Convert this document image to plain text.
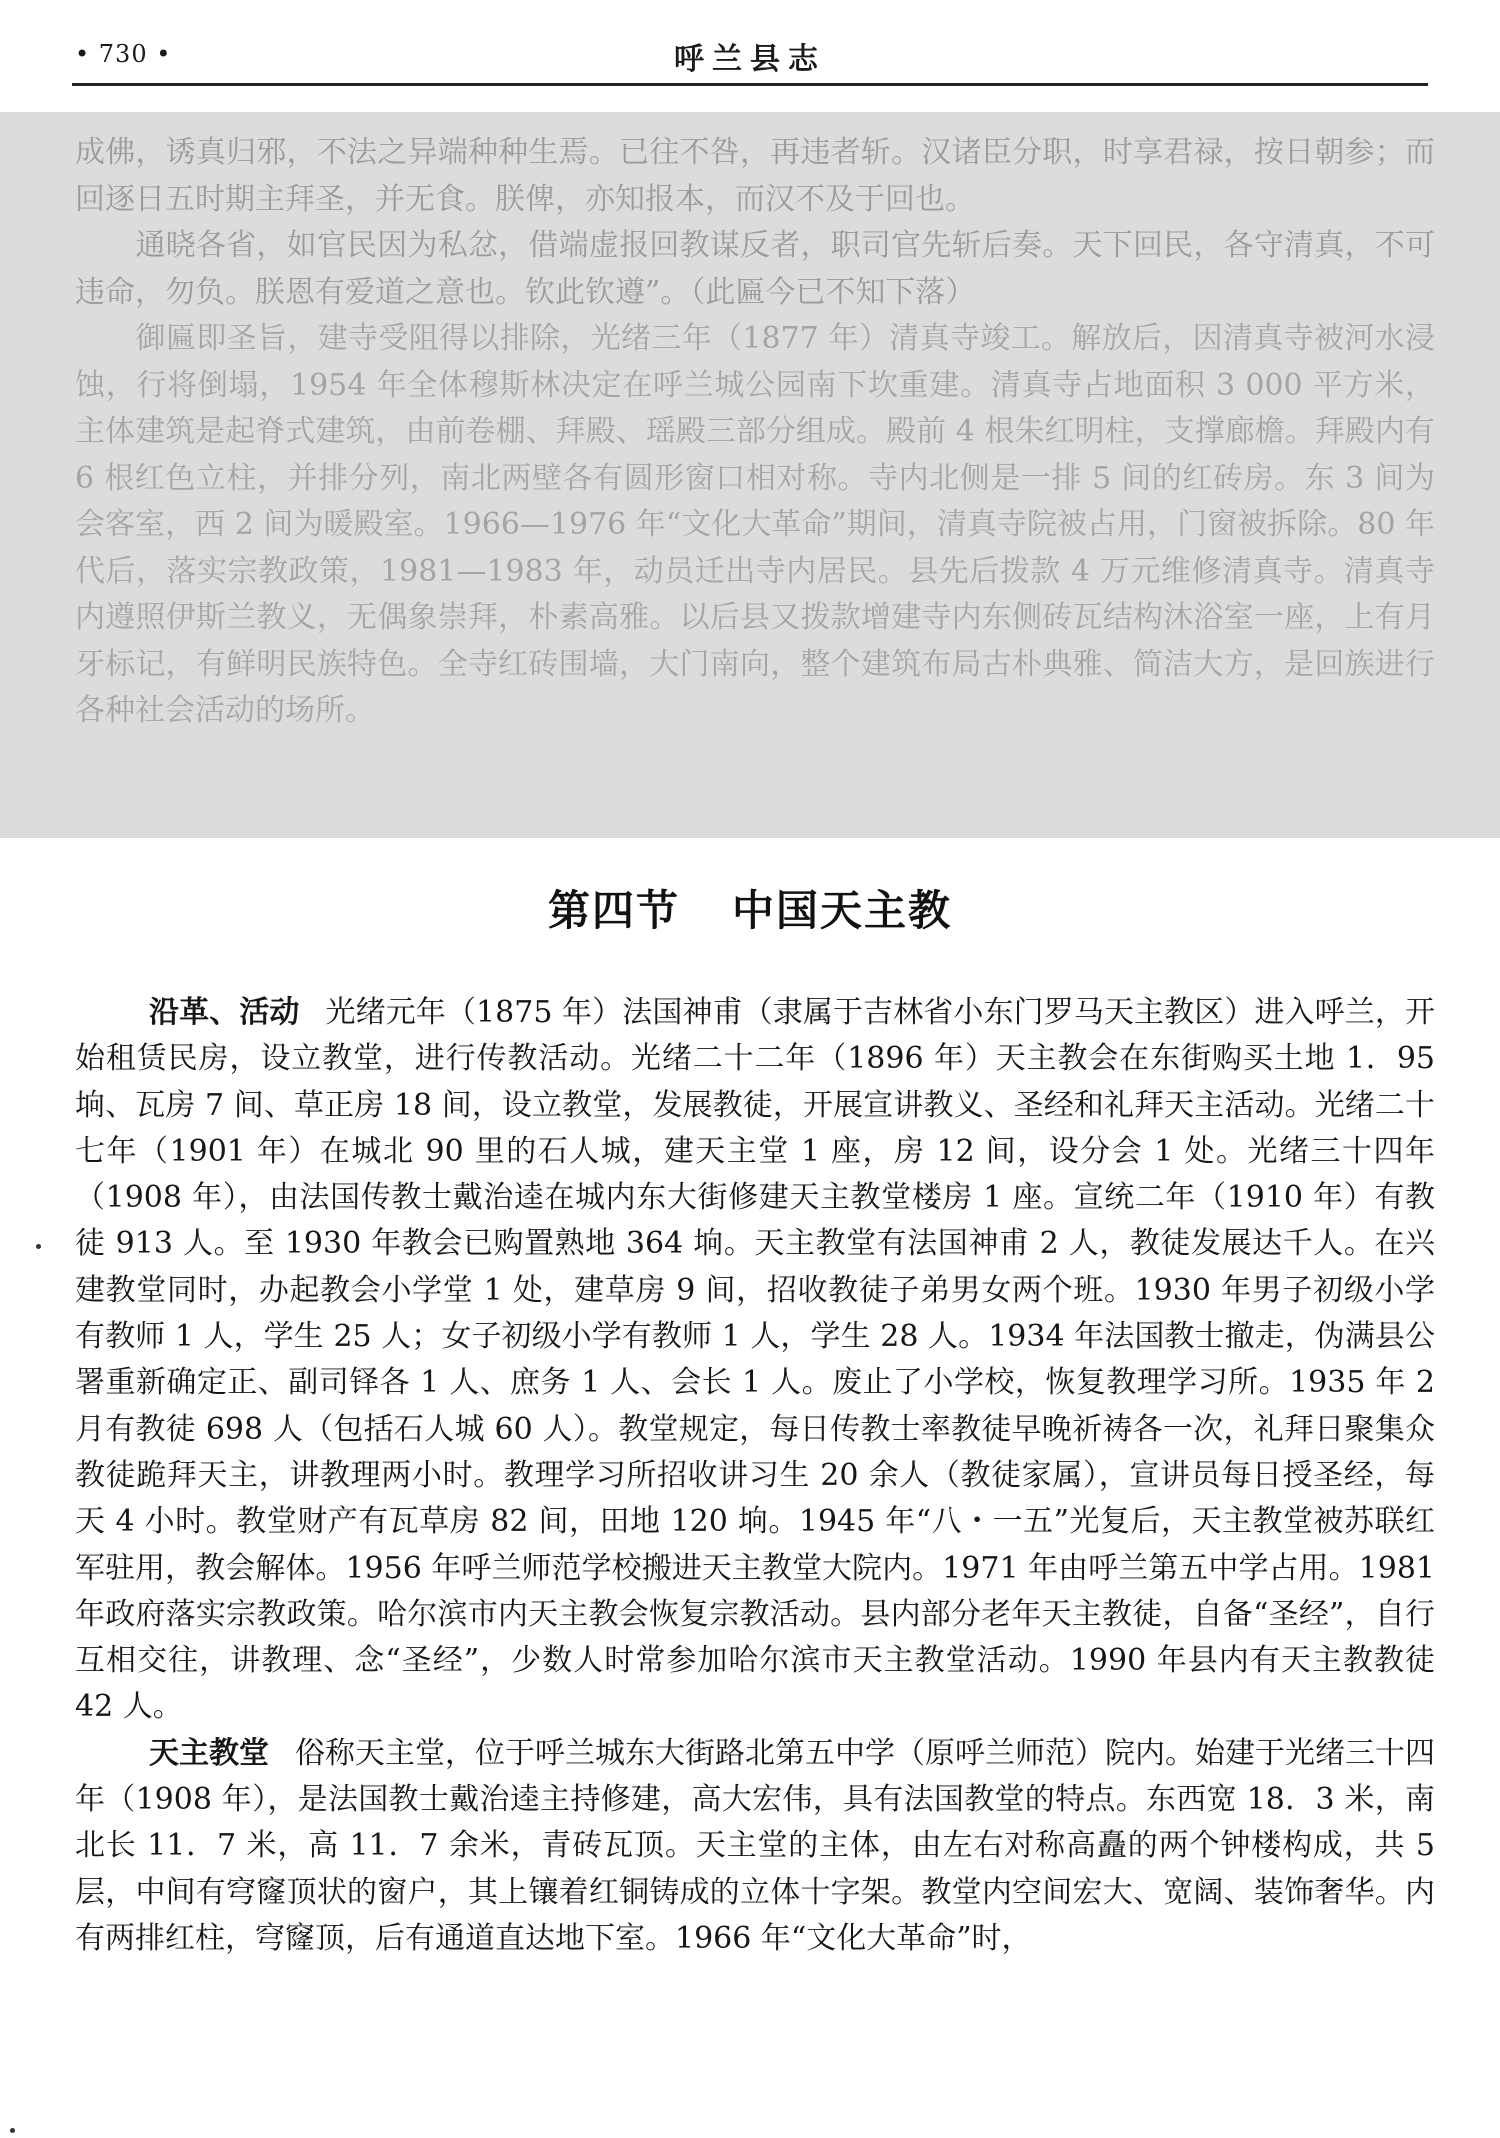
• 730 •	呼兰县志

成佛，诱真归邪，不法之异端种种生焉。已往不咎，再违者斩。汉诸臣分职，时享君禄，按日朝参；而回逐日五时期主拜圣，并无食。朕俾，亦知报本，而汉不及于回也。

　　通晓各省，如官民因为私忿，借端虚报回教谋反者，职司官先斩后奏。天下回民，各守清真，不可违命，勿负。朕恩有爱道之意也。钦此钦遵”。（此匾今已不知下落）

　　御匾即圣旨，建寺受阻得以排除，光绪三年（1877 年）清真寺竣工。解放后，因清真寺被河水浸蚀，行将倒塌，1954 年全体穆斯林决定在呼兰城公园南下坎重建。清真寺占地面积 3 000 平方米，主体建筑是起脊式建筑，由前卷棚、拜殿、瑶殿三部分组成。殿前 4 根朱红明柱，支撑廊檐。拜殿内有 6 根红色立柱，并排分列，南北两壁各有圆形窗口相对称。寺内北侧是一排 5 间的红砖房。东 3 间为会客室，西 2 间为暖殿室。1966—1976 年“文化大革命”期间，清真寺院被占用，门窗被拆除。80 年代后，落实宗教政策，1981—1983 年，动员迁出寺内居民。县先后拨款 4 万元维修清真寺。清真寺内遵照伊斯兰教义，无偶象崇拜，朴素高雅。以后县又拨款增建寺内东侧砖瓦结构沐浴室一座，上有月牙标记，有鲜明民族特色。全寺红砖围墙，大门南向，整个建筑布局古朴典雅、简洁大方，是回族进行各种社会活动的场所。

第四节 中国天主教

沿革、活动 光绪元年（1875 年）法国神甫（隶属于吉林省小东门罗马天主教区）进入呼兰，开始租赁民房，设立教堂，进行传教活动。光绪二十二年（1896 年）天主教会在东街购买土地 1．95 垧、瓦房 7 间、草正房 18 间，设立教堂，发展教徒，开展宣讲教义、圣经和礼拜天主活动。光绪二十七年（1901 年）在城北 90 里的石人城，建天主堂 1 座，房 12 间，设分会 1 处。光绪三十四年（1908 年），由法国传教士戴治逵在城内东大街修建天主教堂楼房 1 座。宣统二年（1910 年）有教徒 913 人。至 1930 年教会已购置熟地 364 垧。天主教堂有法国神甫 2 人，教徒发展达千人。在兴建教堂同时，办起教会小学堂 1 处，建草房 9 间，招收教徒子弟男女两个班。1930 年男子初级小学有教师 1 人，学生 25 人；女子初级小学有教师 1 人，学生 28 人。1934 年法国教士撤走，伪满县公署重新确定正、副司铎各 1 人、庶务 1 人、会长 1 人。废止了小学校，恢复教理学习所。1935 年 2 月有教徒 698 人（包括石人城 60 人）。教堂规定，每日传教士率教徒早晚祈祷各一次，礼拜日聚集众教徒跪拜天主，讲教理两小时。教理学习所招收讲习生 20 余人（教徒家属），宣讲员每日授圣经，每天 4 小时。教堂财产有瓦草房 82 间，田地 120 垧。1945 年“八・一五”光复后，天主教堂被苏联红军驻用，教会解体。1956 年呼兰师范学校搬进天主教堂大院内。1971 年由呼兰第五中学占用。1981 年政府落实宗教政策。哈尔滨市内天主教会恢复宗教活动。县内部分老年天主教徒，自备“圣经”，自行互相交往，讲教理、念“圣经”，少数人时常参加哈尔滨市天主教堂活动。1990 年县内有天主教教徒 42 人。

天主教堂 俗称天主堂，位于呼兰城东大街路北第五中学（原呼兰师范）院内。始建于光绪三十四年（1908 年），是法国教士戴治逵主持修建，高大宏伟，具有法国教堂的特点。东西宽 18．3 米，南北长 11．7 米，高 11．7 余米，青砖瓦顶。天主堂的主体，由左右对称高矗的两个钟楼构成，共 5 层，中间有穹窿顶状的窗户，其上镶着红铜铸成的立体十字架。教堂内空间宏大、宽阔、装饰奢华。内有两排红柱，穹窿顶，后有通道直达地下室。1966 年“文化大革命”时，
